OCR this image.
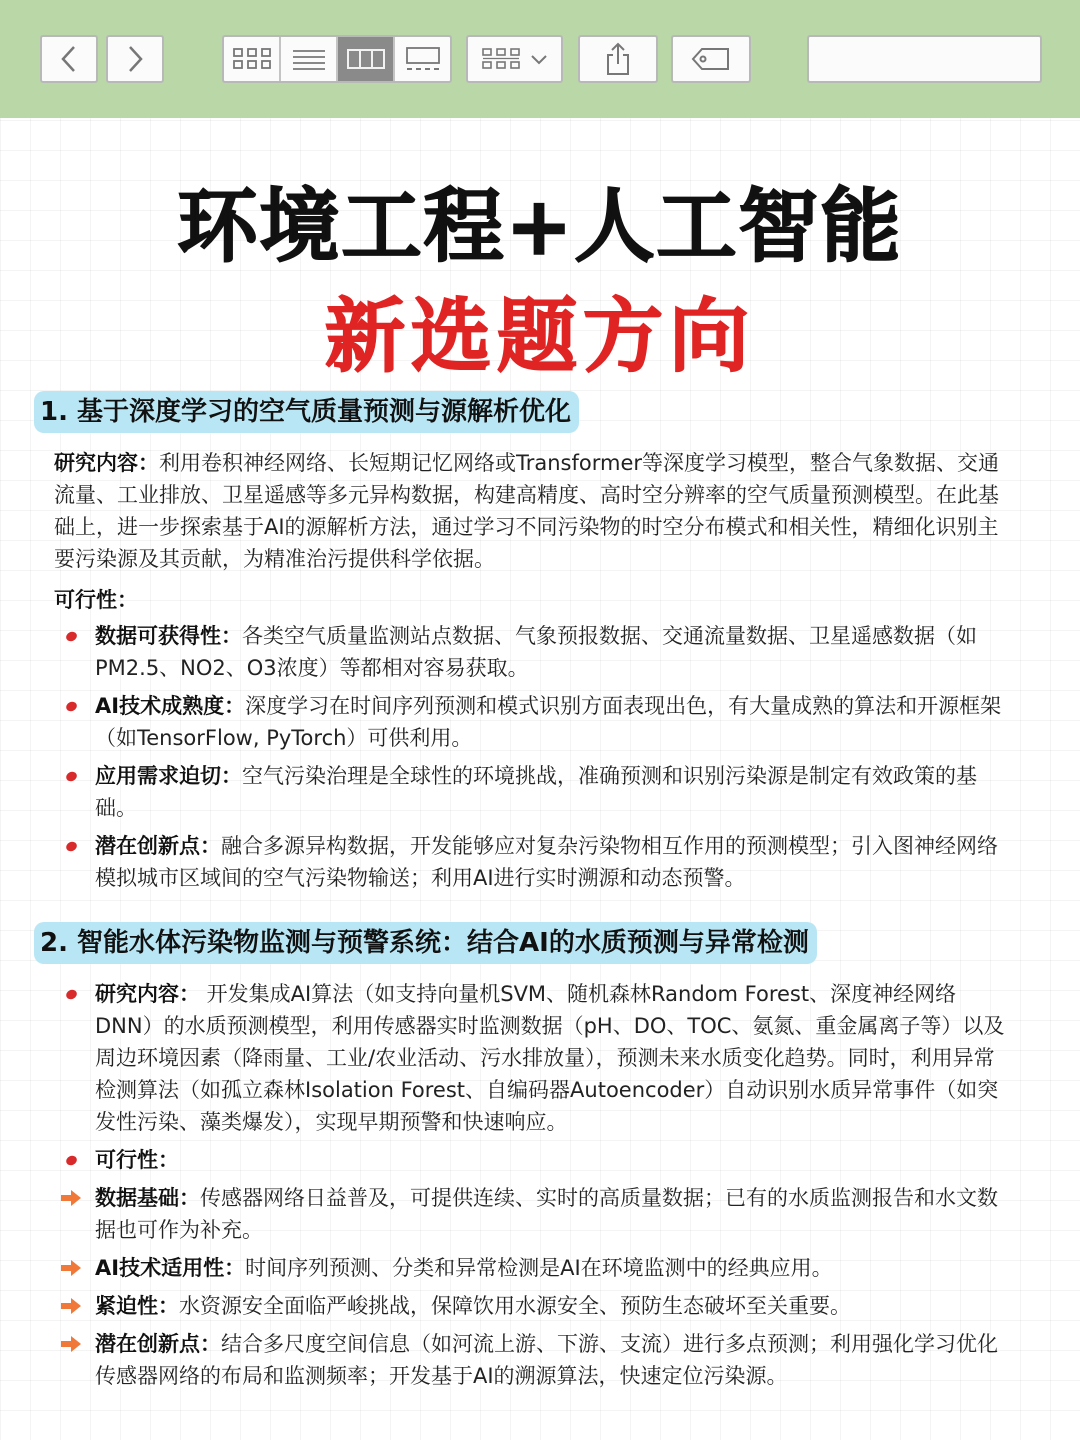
环境工程+人工智能
新选题方向
1. 基于深度学习的空气质量预测与源解析优化
研究内容：利用卷积神经网络、长短期记忆网络或Transformer等深度学习模型，整合气象数据、交通流量、工业排放、卫星遥感等多元异构数据，构建高精度、高时空分辨率的空气质量预测模型。在此基础上，进一步探索基于AI的源解析方法，通过学习不同污染物的时空分布模式和相关性，精细化识别主要污染源及其贡献，为精准治污提供科学依据。
可行性：
数据可获得性：各类空气质量监测站点数据、气象预报数据、交通流量数据、卫星遥感数据（如PM2.5、NO2、O3浓度）等都相对容易获取。
AI技术成熟度：深度学习在时间序列预测和模式识别方面表现出色，有大量成熟的算法和开源框架（如TensorFlow, PyTorch）可供利用。
应用需求迫切：空气污染治理是全球性的环境挑战，准确预测和识别污染源是制定有效政策的基础。
潜在创新点：融合多源异构数据，开发能够应对复杂污染物相互作用的预测模型；引入图神经网络模拟城市区域间的空气污染物输送；利用AI进行实时溯源和动态预警。
2. 智能水体污染物监测与预警系统：结合AI的水质预测与异常检测
研究内容： 开发集成AI算法（如支持向量机SVM、随机森林Random Forest、深度神经网络DNN）的水质预测模型，利用传感器实时监测数据（pH、DO、TOC、氨氮、重金属离子等）以及周边环境因素（降雨量、工业/农业活动、污水排放量），预测未来水质变化趋势。同时，利用异常检测算法（如孤立森林Isolation Forest、自编码器Autoencoder）自动识别水质异常事件（如突发性污染、藻类爆发），实现早期预警和快速响应。
可行性：
数据基础：传感器网络日益普及，可提供连续、实时的高质量数据；已有的水质监测报告和水文数据也可作为补充。
AI技术适用性：时间序列预测、分类和异常检测是AI在环境监测中的经典应用。
紧迫性：水资源安全面临严峻挑战，保障饮用水源安全、预防生态破坏至关重要。
潜在创新点：结合多尺度空间信息（如河流上游、下游、支流）进行多点预测；利用强化学习优化传感器网络的布局和监测频率；开发基于AI的溯源算法，快速定位污染源。
